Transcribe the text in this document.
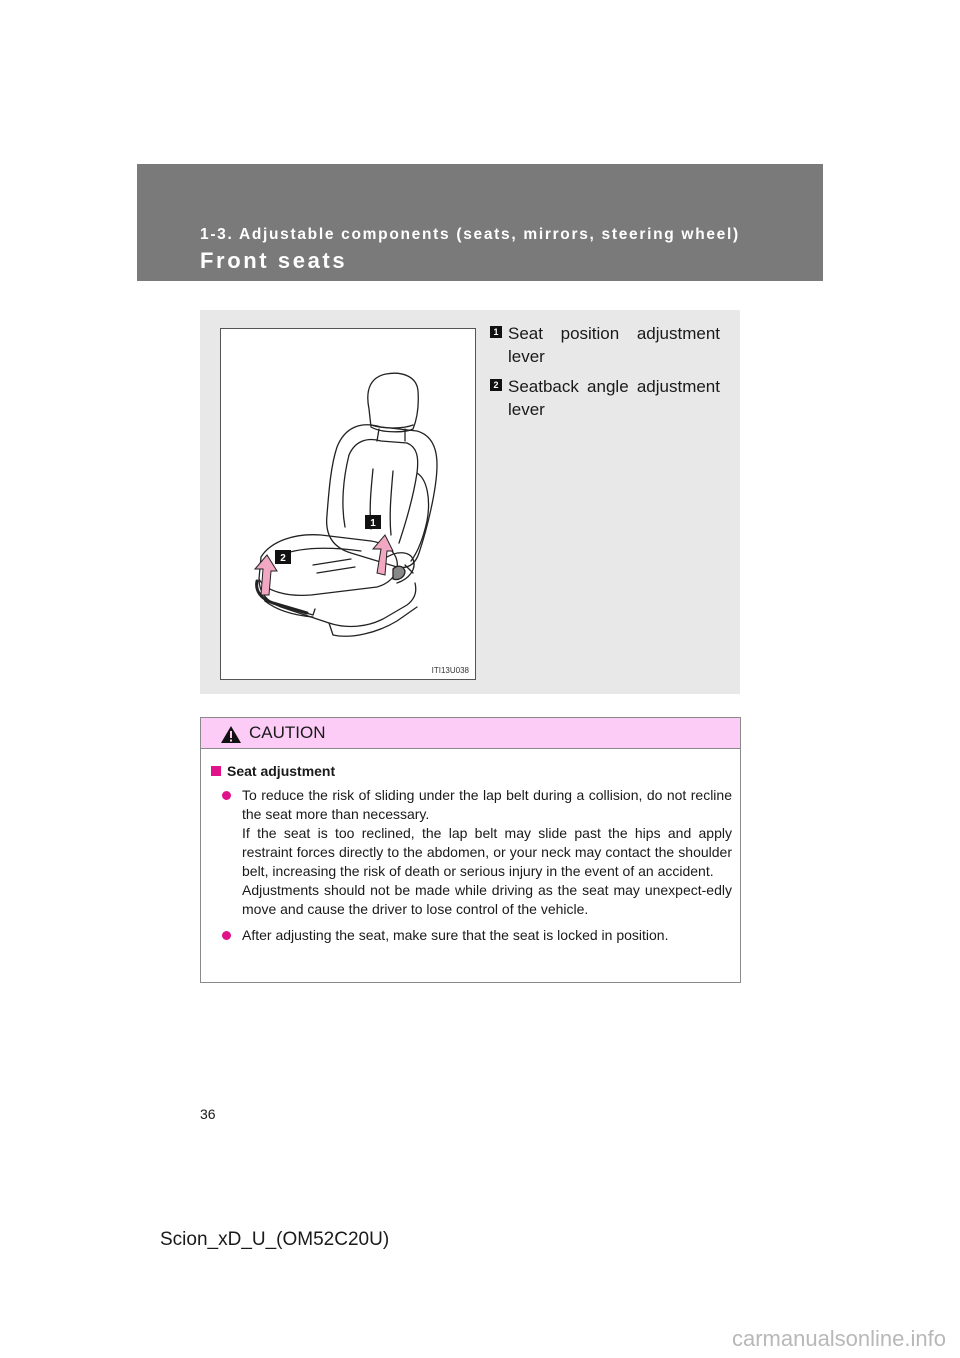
1-3. Adjustable components (seats, mirrors, steering wheel)

Front seats
1
2
ITI13U038
1 Seat position adjustment lever
2 Seatback angle adjustment lever
CAUTION

Seat adjustment

To reduce the risk of sliding under the lap belt during a collision, do not recline the seat more than necessary.

If the seat is too reclined, the lap belt may slide past the hips and apply restraint forces directly to the abdomen, or your neck may contact the shoulder belt, increasing the risk of death or serious injury in the event of an accident.

Adjustments should not be made while driving as the seat may unexpect-edly move and cause the driver to lose control of the vehicle.

After adjusting the seat, make sure that the seat is locked in position.

36

Scion_xD_U_(OM52C20U)

carmanualsonline.info
